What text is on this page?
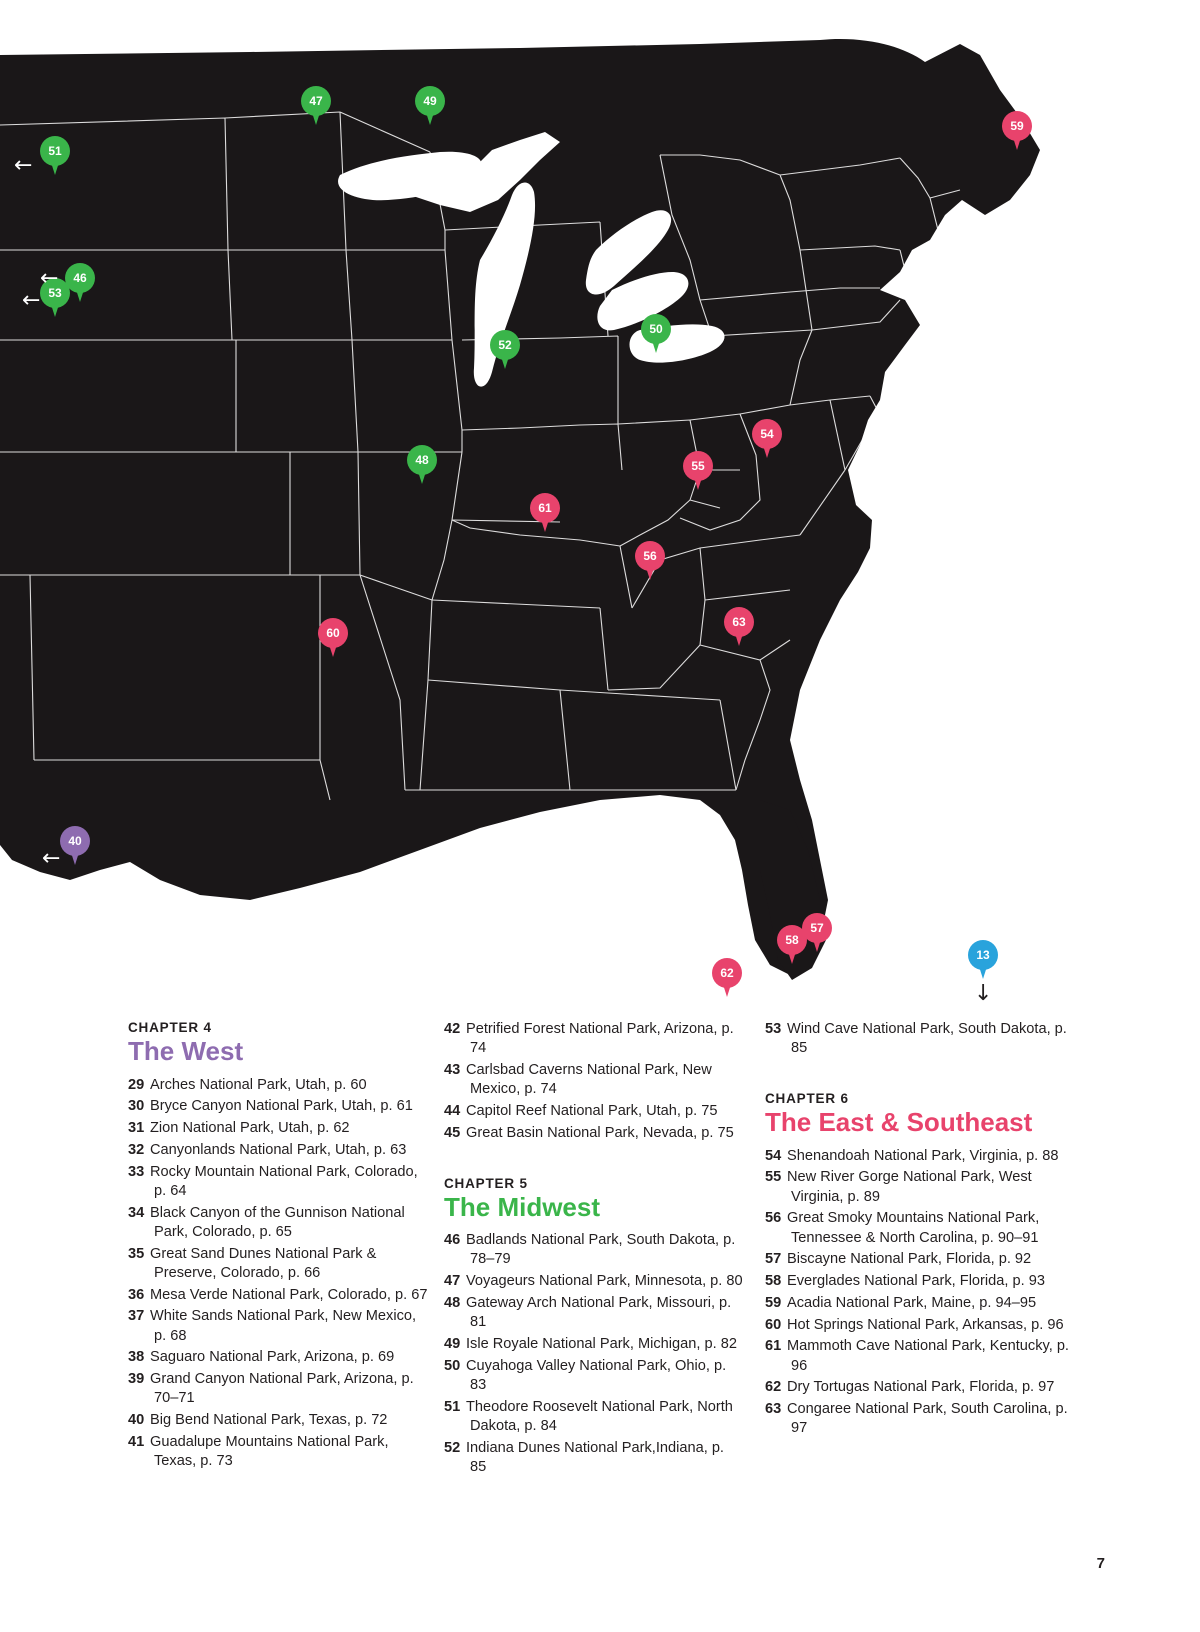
47	49
59
51
46
53
50
52
54
48	55
61
56
63
60
40
57
58
62
13
←
←
←
←
↓
CHAPTER 4
The West
29 Arches National Park, Utah, p. 60
30 Bryce Canyon National Park, Utah, p. 61
31 Zion National Park, Utah, p. 62
32 Canyonlands National Park, Utah, p. 63
33 Rocky Mountain National Park, Colorado, p. 64
34 Black Canyon of the Gunnison National Park, Colorado, p. 65
35 Great Sand Dunes National Park & Preserve, Colorado, p. 66
36 Mesa Verde National Park, Colorado, p. 67
37 White Sands National Park, New Mexico, p. 68
38 Saguaro National Park, Arizona, p. 69
39 Grand Canyon National Park, Arizona, p. 70–71
40 Big Bend National Park, Texas, p. 72
41 Guadalupe Mountains National Park, Texas, p. 73
42 Petrified Forest National Park, Arizona, p. 74
43 Carlsbad Caverns National Park, New Mexico, p. 74
44 Capitol Reef National Park, Utah, p. 75
45 Great Basin National Park, Nevada, p. 75
CHAPTER 5
The Midwest
46 Badlands National Park, South Dakota, p. 78–79
47 Voyageurs National Park, Minnesota, p. 80
48 Gateway Arch National Park, Missouri, p. 81
49 Isle Royale National Park, Michigan, p. 82
50 Cuyahoga Valley National Park, Ohio, p. 83
51 Theodore Roosevelt National Park, North Dakota, p. 84
52 Indiana Dunes National Park,Indiana, p. 85
53 Wind Cave National Park, South Dakota, p. 85
CHAPTER 6
The East & Southeast
54 Shenandoah National Park, Virginia, p. 88
55 New River Gorge National Park, West Virginia, p. 89
56 Great Smoky Mountains National Park, Tennessee & North Carolina, p. 90–91
57 Biscayne National Park, Florida, p. 92
58 Everglades National Park, Florida, p. 93
59 Acadia National Park, Maine, p. 94–95
60 Hot Springs National Park, Arkansas, p. 96
61 Mammoth Cave National Park, Kentucky, p. 96
62 Dry Tortugas National Park, Florida, p. 97
63 Congaree National Park, South Carolina, p. 97
7
